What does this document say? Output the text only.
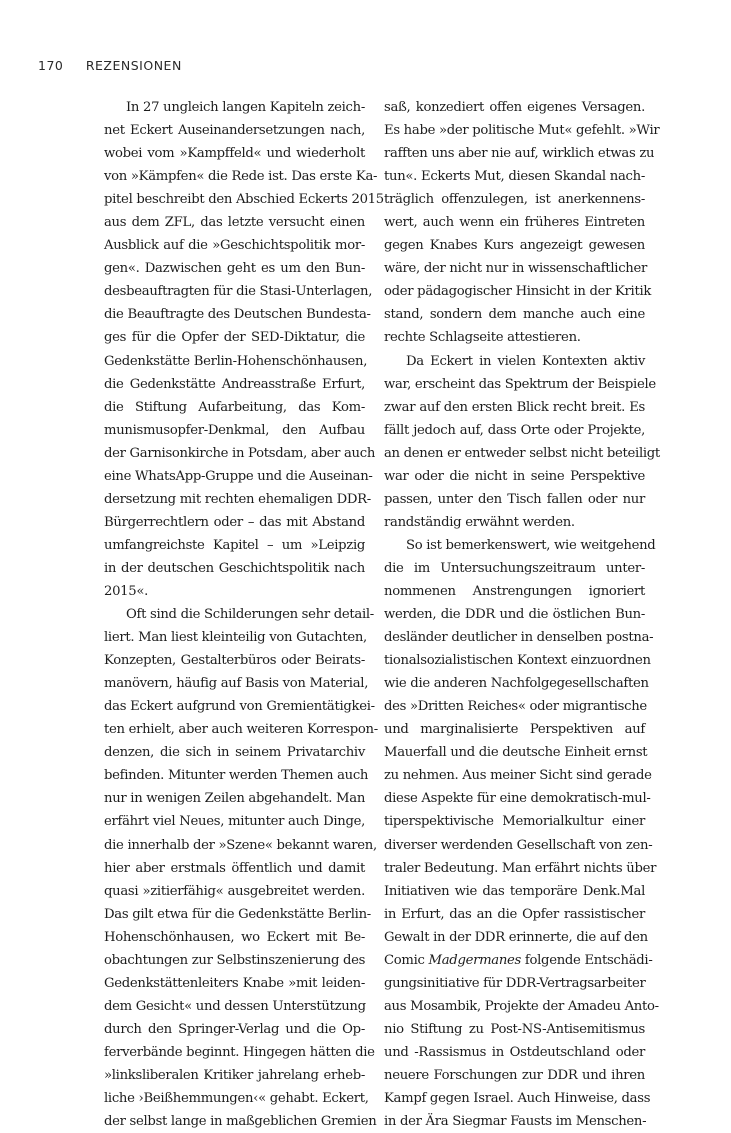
170 REZENSIONEN
In 27 ungleich langen Kapiteln zeich-
net Eckert Auseinandersetzungen nach,
wobei vom »Kampffeld« und wiederholt
von »Kämpfen« die Rede ist. Das erste Ka-
pitel beschreibt den Abschied Eckerts 2015
aus dem ZFL, das letzte versucht einen
Ausblick auf die »Geschichtspolitik mor-
gen«. Dazwischen geht es um den Bun-
desbeauftragten für die Stasi-Unterlagen,
die Beauftragte des Deutschen Bundesta-
ges für die Opfer der SED-Diktatur, die
Gedenkstätte Berlin-Hohenschönhausen,
die Gedenkstätte Andreasstraße Erfurt,
die Stiftung Aufarbeitung, das Kom-
munismusopfer-Denkmal, den Aufbau
der Garnisonkirche in Potsdam, aber auch
eine WhatsApp-Gruppe und die Auseinan-
dersetzung mit rechten ehemaligen DDR-
Bürgerrechtlern oder – das mit Abstand
umfangreichste Kapitel – um »Leipzig
in der deutschen Geschichtspolitik nach
2015«.
Oft sind die Schilderungen sehr detail-
liert. Man liest kleinteilig von Gutachten,
Konzepten, Gestalterbüros oder Beirats-
manövern, häufig auf Basis von Material,
das Eckert aufgrund von Gremientätigkei-
ten erhielt, aber auch weiteren Korrespon-
denzen, die sich in seinem Privatarchiv
befinden. Mitunter werden Themen auch
nur in wenigen Zeilen abgehandelt. Man
erfährt viel Neues, mitunter auch Dinge,
die innerhalb der »Szene« bekannt waren,
hier aber erstmals öffentlich und damit
quasi »zitierfähig« ausgebreitet werden.
Das gilt etwa für die Gedenkstätte Berlin-
Hohenschönhausen, wo Eckert mit Be-
obachtungen zur Selbstinszenierung des
Gedenkstättenleiters Knabe »mit leiden-
dem Gesicht« und dessen Unterstützung
durch den Springer-Verlag und die Op-
ferverbände beginnt. Hingegen hätten die
»linksliberalen Kritiker jahrelang erheb-
liche ›Beißhemmungen‹« gehabt. Eckert,
der selbst lange in maßgeblichen Gremien
saß, konzediert offen eigenes Versagen.
Es habe »der politische Mut« gefehlt. »Wir
rafften uns aber nie auf, wirklich etwas zu
tun«. Eckerts Mut, diesen Skandal nach-
träglich offenzulegen, ist anerkennens-
wert, auch wenn ein früheres Eintreten
gegen Knabes Kurs angezeigt gewesen
wäre, der nicht nur in wissenschaftlicher
oder pädagogischer Hinsicht in der Kritik
stand, sondern dem manche auch eine
rechte Schlagseite attestieren.
Da Eckert in vielen Kontexten aktiv
war, erscheint das Spektrum der Beispiele
zwar auf den ersten Blick recht breit. Es
fällt jedoch auf, dass Orte oder Projekte,
an denen er entweder selbst nicht beteiligt
war oder die nicht in seine Perspektive
passen, unter den Tisch fallen oder nur
randständig erwähnt werden.
So ist bemerkenswert, wie weitgehend
die im Untersuchungszeitraum unter-
nommenen Anstrengungen ignoriert
werden, die DDR und die östlichen Bun-
desländer deutlicher in denselben postna-
tionalsozialistischen Kontext einzuordnen
wie die anderen Nachfolgegesellschaften
des »Dritten Reiches« oder migrantische
und marginalisierte Perspektiven auf
Mauerfall und die deutsche Einheit ernst
zu nehmen. Aus meiner Sicht sind gerade
diese Aspekte für eine demokratisch-mul-
tiperspektivische Memorialkultur einer
diverser werdenden Gesellschaft von zen-
traler Bedeutung. Man erfährt nichts über
Initiativen wie das temporäre Denk.Mal
in Erfurt, das an die Opfer rassistischer
Gewalt in der DDR erinnerte, die auf den
Comic Madgermanes folgende Entschädi-
gungsinitiative für DDR-Vertragsarbeiter
aus Mosambik, Projekte der Amadeu Anto-
nio Stiftung zu Post-NS-Antisemitismus
und -Rassismus in Ostdeutschland oder
neuere Forschungen zur DDR und ihren
Kampf gegen Israel. Auch Hinweise, dass
in der Ära Siegmar Fausts im Menschen-
